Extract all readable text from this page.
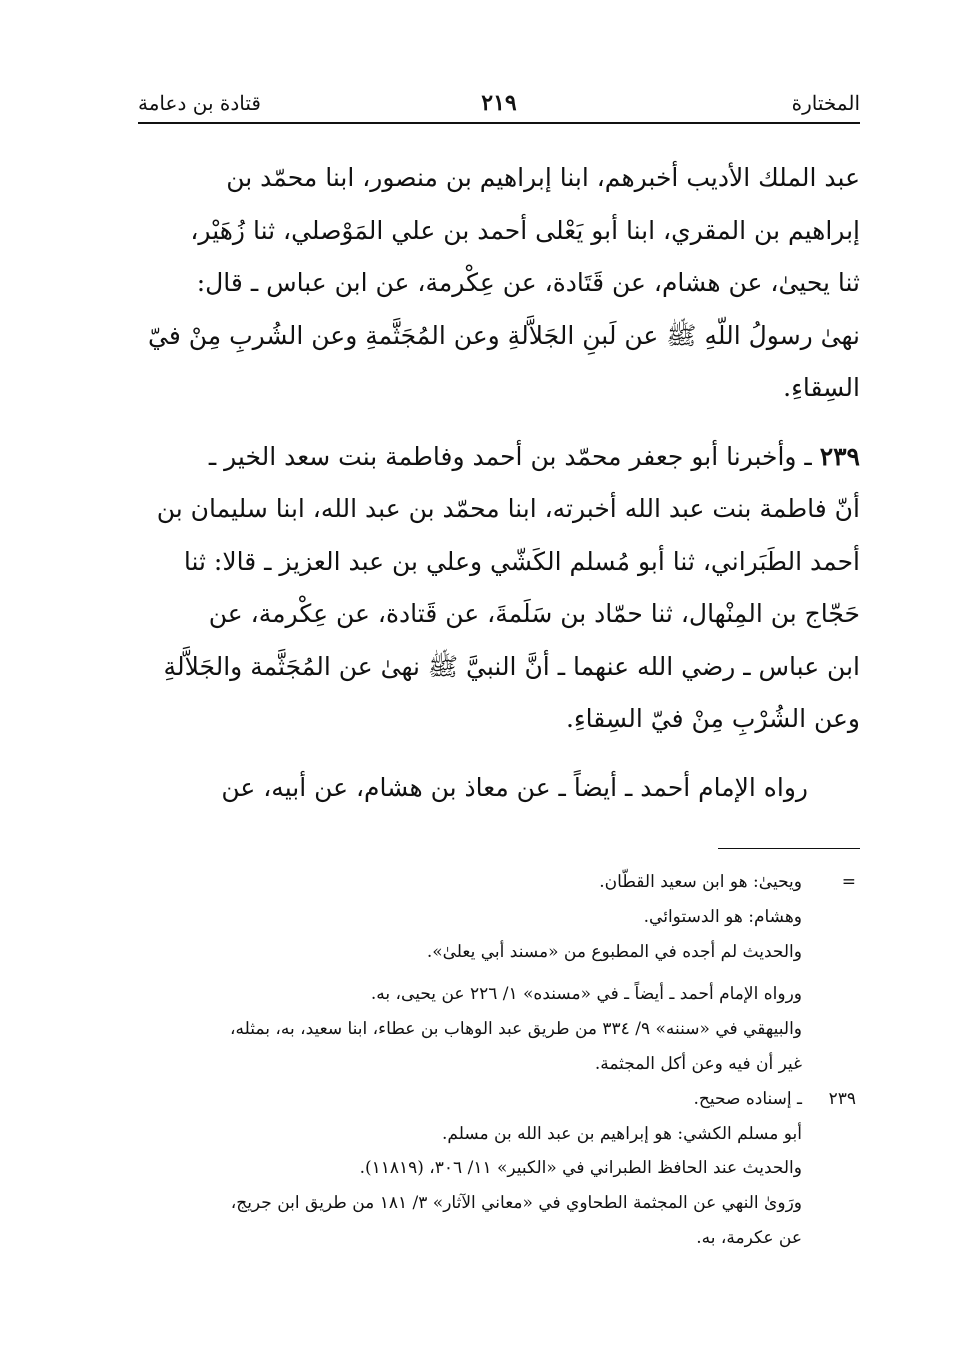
المختارة
٢١٩
قتادة بن دعامة

عبد الملك الأديب أخبرهم، ابنا إبراهيم بن منصور، ابنا محمّد بن
إبراهيم بن المقري، ابنا أبو يَعْلى أحمد بن علي المَوْصلي، ثنا زُهَيْر،
ثنا يحيىٰ، عن هشام، عن قَتَادة، عن عِكْرمة، عن ابن عباس ـ قال:
نهىٰ رسولُ اللّهِ ﷺ عن لَبنِ الجَلاَّلةِ وعن المُجَثَّمةِ وعن الشُربِ مِنْ فيّ
السِقاءِ.

٢٣٩ ـ وأخبرنا أبو جعفر محمّد بن أحمد وفاطمة بنت سعد الخير ـ
أنّ فاطمة بنت عبد الله أخبرته، ابنا محمّد بن عبد الله، ابنا سليمان بن
أحمد الطَبَراني، ثنا أبو مُسلم الكَشّي وعلي بن عبد العزيز ـ قالا: ثنا
حَجّاج بن المِنْهال، ثنا حمّاد بن سَلَمةَ، عن قَتادة، عن عِكْرمة، عن
ابن عباس ـ رضي الله عنهما ـ أنَّ النبيَّ ﷺ نهىٰ عن المُجَثَّمة والجَلاَّلةِ
وعن الشُرْبِ مِنْ فيّ السِقاءِ.

رواه الإمام أحمد ـ أيضاً ـ عن معاذ بن هشام، عن أبيه، عن

=
ويحيىٰ: هو ابن سعيد القطّان.
وهشام: هو الدستوائي.
والحديث لم أجده في المطبوع من «مسند أبي يعلىٰ».
ورواه الإمام أحمد ـ أيضاً ـ في «مسنده» ١/ ٢٢٦ عن يحيى، به.
والبيهقي في «سننه» ٩/ ٣٣٤ من طريق عبد الوهاب بن عطاء، ابنا سعيد، به، بمثله،
غير أن فيه وعن أكل المجثمة.
٢٣٩
ـ إسناده صحيح.
أبو مسلم الكشي: هو إبراهيم بن عبد الله بن مسلم.
والحديث عند الحافظ الطبراني في «الكبير» ١١/ ٣٠٦، (١١٨١٩).
ورَوىٰ النهي عن المجثمة الطحاوي في «معاني الآثار» ٣/ ١٨١ من طريق ابن جريج،
عن عكرمة، به.
